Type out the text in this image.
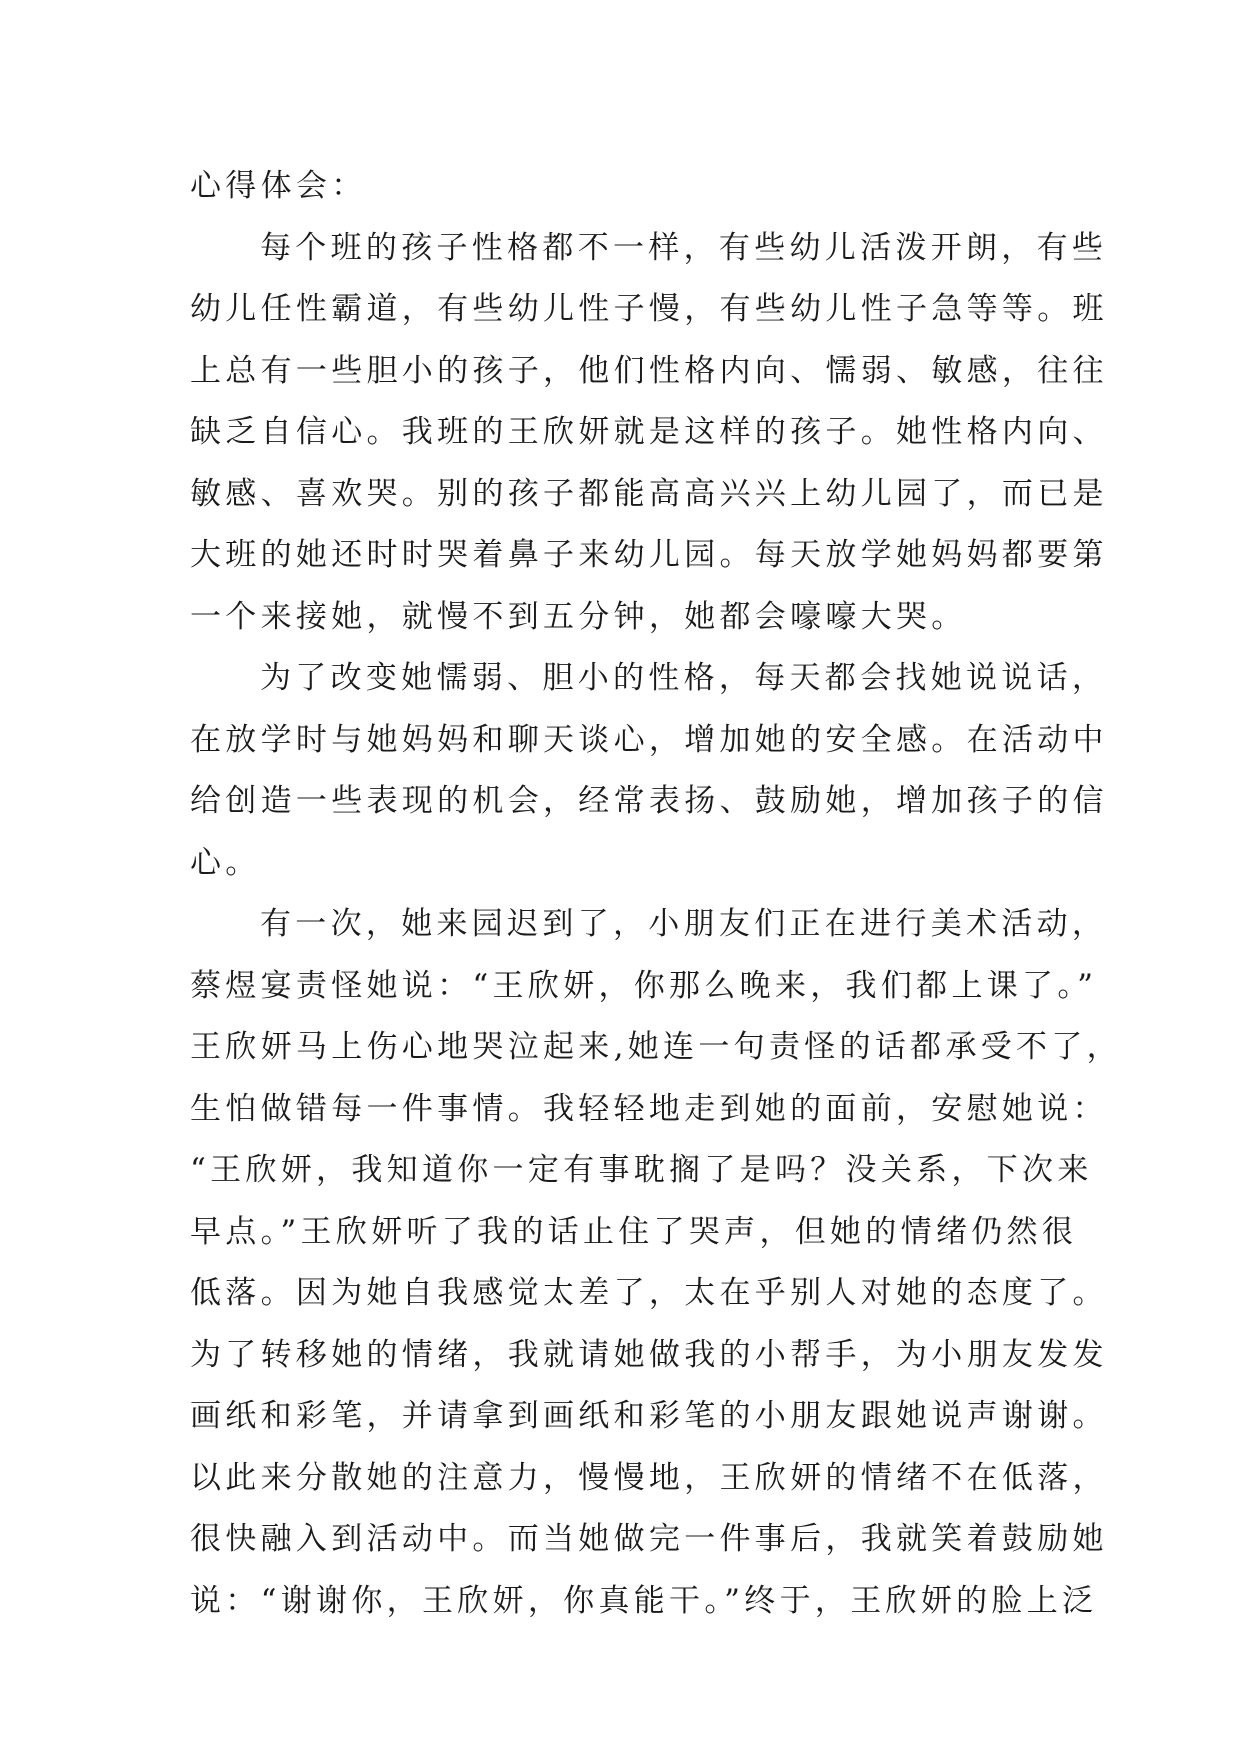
心得体会：
每个班的孩子性格都不一样，有些幼儿活泼开朗，有些
幼儿任性霸道，有些幼儿性子慢，有些幼儿性子急等等。班
上总有一些胆小的孩子，他们性格内向、懦弱、敏感，往往
缺乏自信心。我班的王欣妍就是这样的孩子。她性格内向、
敏感、喜欢哭。别的孩子都能高高兴兴上幼儿园了，而已是
大班的她还时时哭着鼻子来幼儿园。每天放学她妈妈都要第
一个来接她，就慢不到五分钟，她都会嚎嚎大哭。
为了改变她懦弱、胆小的性格，每天都会找她说说话，
在放学时与她妈妈和聊天谈心，增加她的安全感。在活动中
给创造一些表现的机会，经常表扬、鼓励她，增加孩子的信
心。
有一次，她来园迟到了，小朋友们正在进行美术活动，
蔡煜宴责怪她说：“王欣妍，你那么晚来，我们都上课了。”
王欣妍马上伤心地哭泣起来,她连一句责怪的话都承受不了，
生怕做错每一件事情。我轻轻地走到她的面前，安慰她说：
“王欣妍，我知道你一定有事耽搁了是吗？没关系，下次来
早点。”王欣妍听了我的话止住了哭声，但她的情绪仍然很
低落。因为她自我感觉太差了，太在乎别人对她的态度了。
为了转移她的情绪，我就请她做我的小帮手，为小朋友发发
画纸和彩笔，并请拿到画纸和彩笔的小朋友跟她说声谢谢。
以此来分散她的注意力，慢慢地，王欣妍的情绪不在低落，
很快融入到活动中。而当她做完一件事后，我就笑着鼓励她
说：“谢谢你，王欣妍，你真能干。”终于，王欣妍的脸上泛
